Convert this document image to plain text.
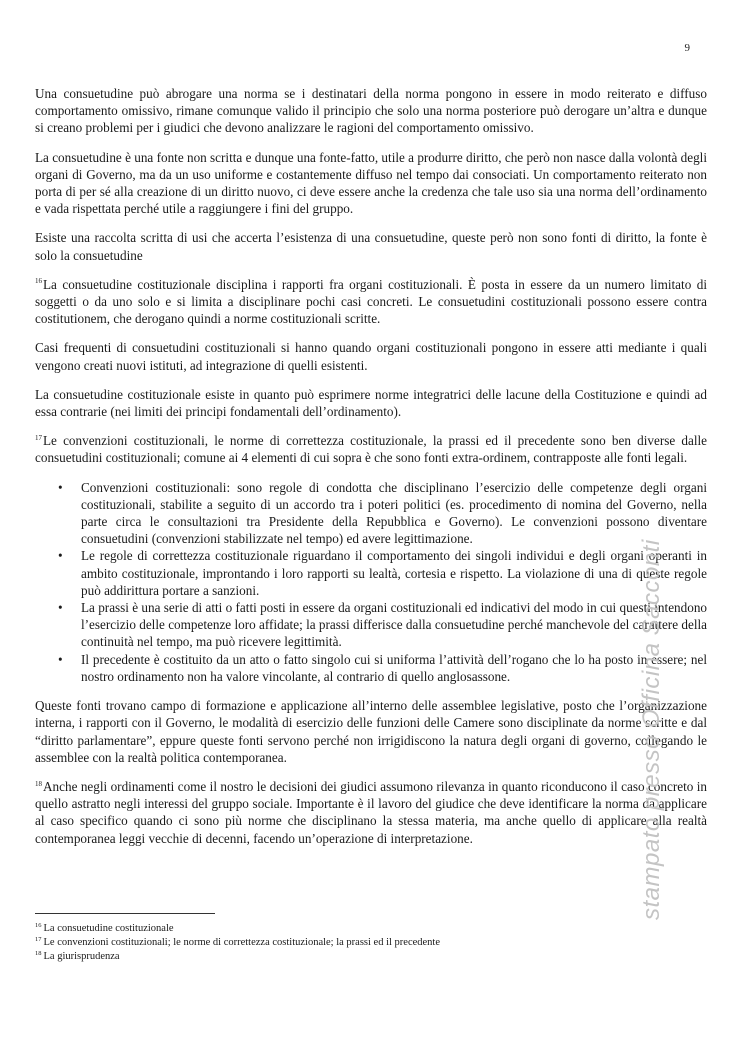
9

Una consuetudine può abrogare una norma se i destinatari della norma pongono in essere in modo reiterato e diffuso comportamento omissivo, rimane comunque valido il principio che solo una norma posteriore può derogare un’altra e dunque si creano problemi per i giudici che devono analizzare le ragioni del comportamento omissivo.

La consuetudine è una fonte non scritta e dunque una fonte-fatto, utile a produrre diritto, che però non nasce dalla volontà degli organi di Governo, ma da un uso uniforme e costantemente diffuso nel tempo dai consociati. Un comportamento reiterato non porta di per sé alla creazione di un diritto nuovo, ci deve essere anche la credenza che tale uso sia una norma dell’ordinamento e vada rispettata perché utile a raggiungere i fini del gruppo.

Esiste una raccolta scritta di usi che accerta l’esistenza di una consuetudine, queste però non sono fonti di diritto, la fonte è solo la consuetudine

$^{16}$La consuetudine costituzionale disciplina i rapporti fra organi costituzionali. È posta in essere da un numero limitato di soggetti o da uno solo e si limita a disciplinare pochi casi concreti. Le consuetudini costituzionali possono essere contra costitutionem, che derogano quindi a norme costituzionali scritte.

Casi frequenti di consuetudini costituzionali si hanno quando organi costituzionali pongono in essere atti mediante i quali vengono creati nuovi istituti, ad integrazione di quelli esistenti.

La consuetudine costituzionale esiste in quanto può esprimere norme integratrici delle lacune della Costituzione e quindi ad essa contrarie (nei limiti dei principi fondamentali dell’ordinamento).

$^{17}$Le convenzioni costituzionali, le norme di correttezza costituzionale, la prassi ed il precedente sono ben diverse dalle consuetudini costituzionali; comune ai 4 elementi di cui sopra è che sono fonti extra-ordinem, contrapposte alle fonti legali.

• Convenzioni costituzionali: sono regole di condotta che disciplinano l’esercizio delle competenze degli organi costituzionali, stabilite a seguito di un accordo tra i poteri politici (es. procedimento di nomina del Governo, nella parte circa le consultazioni tra Presidente della Repubblica e Governo). Le convenzioni possono diventare consuetudini (convenzioni stabilizzate nel tempo) ed avere legittimazione.
• Le regole di correttezza costituzionale riguardano il comportamento dei singoli individui e degli organi operanti in ambito costituzionale, improntando i loro rapporti su lealtà, cortesia e rispetto. La violazione di una di queste regole può addirittura portare a sanzioni.
• La prassi è una serie di atti o fatti posti in essere da organi costituzionali ed indicativi del modo in cui questi intendono l’esercizio delle competenze loro affidate; la prassi differisce dalla consuetudine perché manchevole del carattere della continuità nel tempo, ma può ricevere legittimità.
• Il precedente è costituito da un atto o fatto singolo cui si uniforma l’attività dell’rogano che lo ha posto in essere; nel nostro ordinamento non ha valore vincolante, al contrario di quello anglosassone.

Queste fonti trovano campo di formazione e applicazione all’interno delle assemblee legislative, posto che l’organizzazione interna, i rapporti con il Governo, le modalità di esercizio delle funzioni delle Camere sono disciplinate da norme scritte e dal “diritto parlamentare”, eppure queste fonti servono perché non irrigidiscono la natura degli organi di governo, collegando le assemblee con la realtà politica contemporanea.

$^{18}$Anche negli ordinamenti come il nostro le decisioni dei giudici assumono rilevanza in quanto riconducono il caso concreto in quello astratto negli interessi del gruppo sociale. Importante è il lavoro del giudice che deve identificare la norma da applicare al caso specifico quando ci sono più norme che disciplinano la stessa materia, ma anche quello di applicare alla realtà contemporanea leggi vecchie di decenni, facendo un’operazione di interpretazione.

$^{16}$ La consuetudine costituzionale
$^{17}$ Le convenzioni costituzionali; le norme di correttezza costituzionale; la prassi ed il precedente
$^{18}$ La giurisprudenza
stampato presso Officina Sacconti
